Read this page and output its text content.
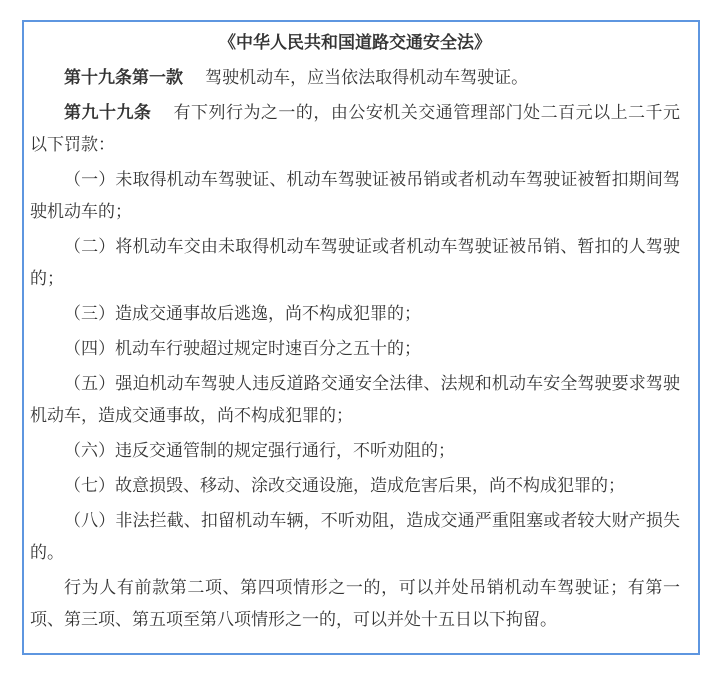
《中华人民共和国道路交通安全法》

第十九条第一款 驾驶机动车，应当依法取得机动车驾驶证。

第九十九条 有下列行为之一的，由公安机关交通管理部门处二百元以上二千元以下罚款：

（一）未取得机动车驾驶证、机动车驾驶证被吊销或者机动车驾驶证被暂扣期间驾驶机动车的；

（二）将机动车交由未取得机动车驾驶证或者机动车驾驶证被吊销、暂扣的人驾驶的；

（三）造成交通事故后逃逸，尚不构成犯罪的；

（四）机动车行驶超过规定时速百分之五十的；

（五）强迫机动车驾驶人违反道路交通安全法律、法规和机动车安全驾驶要求驾驶机动车，造成交通事故，尚不构成犯罪的；

（六）违反交通管制的规定强行通行，不听劝阻的；

（七）故意损毁、移动、涂改交通设施，造成危害后果，尚不构成犯罪的；

（八）非法拦截、扣留机动车辆，不听劝阻，造成交通严重阻塞或者较大财产损失的。

行为人有前款第二项、第四项情形之一的，可以并处吊销机动车驾驶证；有第一项、第三项、第五项至第八项情形之一的，可以并处十五日以下拘留。
